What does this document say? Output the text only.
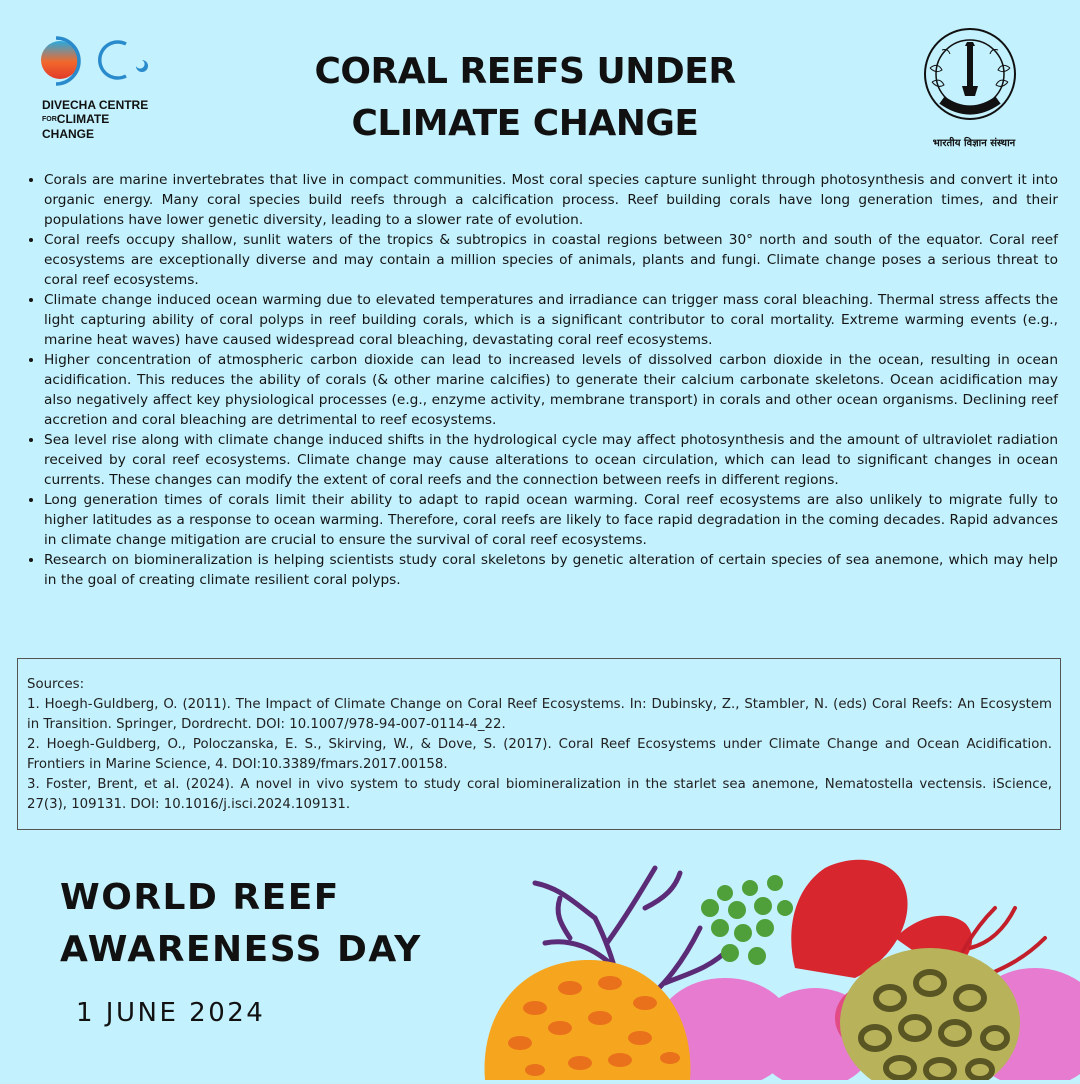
DIVECHA CENTRE
FORCLIMATE CHANGE
CORAL REEFS UNDER
CLIMATE CHANGE	भारतीय विज्ञान संस्थान
• Corals are marine invertebrates that live in compact communities. Most coral species capture sunlight through photosynthesis and convert it into organic energy. Many coral species build reefs through a calcification process. Reef building corals have long generation times, and their populations have lower genetic diversity, leading to a slower rate of evolution.
• Coral reefs occupy shallow, sunlit waters of the tropics & subtropics in coastal regions between 30° north and south of the equator. Coral reef ecosystems are exceptionally diverse and may contain a million species of animals, plants and fungi. Climate change poses a serious threat to coral reef ecosystems.
• Climate change induced ocean warming due to elevated temperatures and irradiance can trigger mass coral bleaching. Thermal stress affects the light capturing ability of coral polyps in reef building corals, which is a significant contributor to coral mortality. Extreme warming events (e.g., marine heat waves) have caused widespread coral bleaching, devastating coral reef ecosystems.
• Higher concentration of atmospheric carbon dioxide can lead to increased levels of dissolved carbon dioxide in the ocean, resulting in ocean acidification. This reduces the ability of corals (& other marine calcifies) to generate their calcium carbonate skeletons. Ocean acidification may also negatively affect key physiological processes (e.g., enzyme activity, membrane transport) in corals and other ocean organisms. Declining reef accretion and coral bleaching are detrimental to reef ecosystems.
• Sea level rise along with climate change induced shifts in the hydrological cycle may affect photosynthesis and the amount of ultraviolet radiation received by coral reef ecosystems. Climate change may cause alterations to ocean circulation, which can lead to significant changes in ocean currents. These changes can modify the extent of coral reefs and the connection between reefs in different regions.
• Long generation times of corals limit their ability to adapt to rapid ocean warming. Coral reef ecosystems are also unlikely to migrate fully to higher latitudes as a response to ocean warming. Therefore, coral reefs are likely to face rapid degradation in the coming decades. Rapid advances in climate change mitigation are crucial to ensure the survival of coral reef ecosystems.
• Research on biomineralization is helping scientists study coral skeletons by genetic alteration of certain species of sea anemone, which may help in the goal of creating climate resilient coral polyps.

Sources:

1. Hoegh-Guldberg, O. (2011). The Impact of Climate Change on Coral Reef Ecosystems. In: Dubinsky, Z., Stambler, N. (eds) Coral Reefs: An Ecosystem in Transition. Springer, Dordrecht. DOI: 10.1007/978-94-007-0114-4_22.

2. Hoegh-Guldberg, O., Poloczanska, E. S., Skirving, W., & Dove, S. (2017). Coral Reef Ecosystems under Climate Change and Ocean Acidification. Frontiers in Marine Science, 4. DOI:10.3389/fmars.2017.00158.

3. Foster, Brent, et al. (2024). A novel in vivo system to study coral biomineralization in the starlet sea anemone, Nematostella vectensis. iScience, 27(3), 109131. DOI: 10.1016/j.isci.2024.109131.

WORLD REEF
AWARENESS DAY
1 JUNE 2024
